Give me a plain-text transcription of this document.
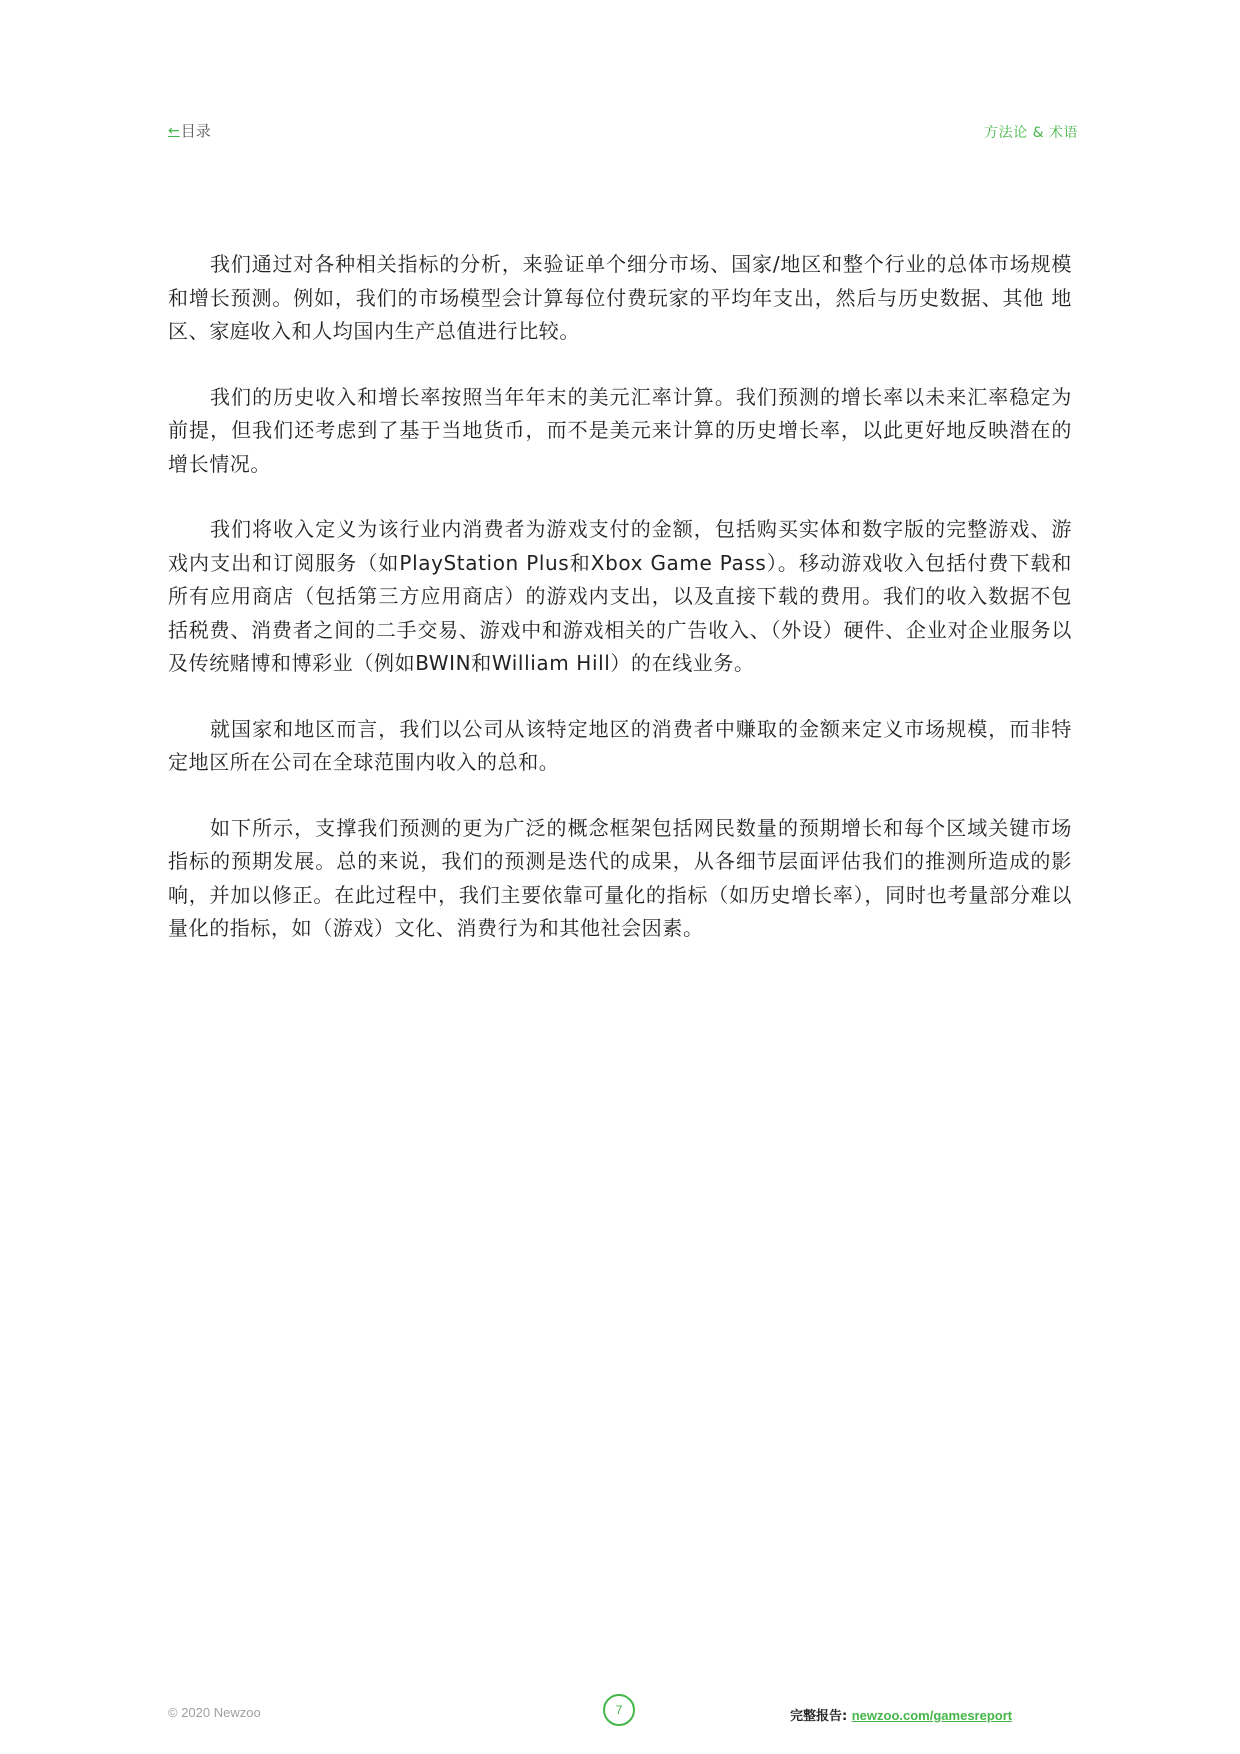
← 目录	方法论 & 术语

我们通过对各种相关指标的分析，来验证单个细分市场、国家/地区和整个行业的总体市场规模和增长预测。例如，我们的市场模型会计算每位付费玩家的平均年支出，然后与历史数据、其他 地区、家庭收入和人均国内生产总值进行比较。

我们的历史收入和增长率按照当年年末的美元汇率计算。我们预测的增长率以未来汇率稳定为前提，但我们还考虑到了基于当地货币，而不是美元来计算的历史增长率，以此更好地反映潜在的增长情况。

我们将收入定义为该行业内消费者为游戏支付的金额，包括购买实体和数字版的完整游戏、游戏内支出和订阅服务（如PlayStation Plus和Xbox Game Pass）。移动游戏收入包括付费下载和所有应用商店（包括第三方应用商店）的游戏内支出，以及直接下载的费用。我们的收入数据不包括税费、消费者之间的二手交易、游戏中和游戏相关的广告收入、（外设）硬件、企业对企业服务以及传统赌博和博彩业（例如BWIN和William Hill）的在线业务。

就国家和地区而言，我们以公司从该特定地区的消费者中赚取的金额来定义市场规模，而非特定地区所在公司在全球范围内收入的总和。

如下所示，支撑我们预测的更为广泛的概念框架包括网民数量的预期增长和每个区域关键市场指标的预期发展。总的来说，我们的预测是迭代的成果，从各细节层面评估我们的推测所造成的影响，并加以修正。在此过程中，我们主要依靠可量化的指标（如历史增长率），同时也考量部分难以量化的指标，如（游戏）文化、消费行为和其他社会因素。

© 2020 Newzoo	7	完整报告: newzoo.com/gamesreport
